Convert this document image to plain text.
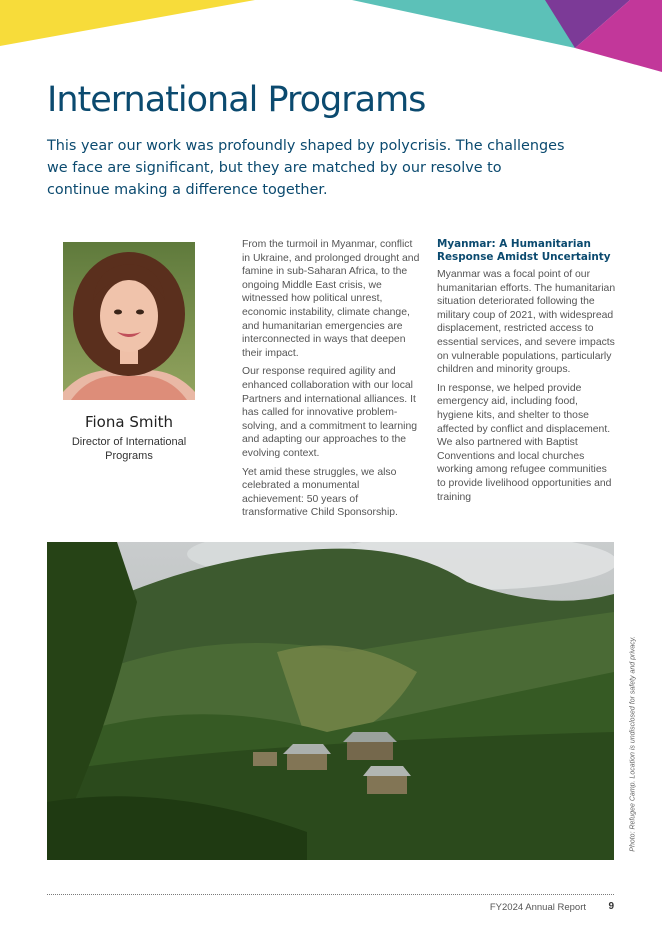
International Programs

This year our work was profoundly shaped by polycrisis. The challenges we face are significant, but they are matched by our resolve to continue making a difference together.

Fiona Smith
Director of International Programs

From the turmoil in Myanmar, conflict in Ukraine, and prolonged drought and famine in sub-Saharan Africa, to the ongoing Middle East crisis, we witnessed how political unrest, economic instability, climate change, and humanitarian emergencies are interconnected in ways that deepen their impact.

Our response required agility and enhanced collaboration with our local Partners and international alliances. It has called for innovative problem-solving, and a commitment to learning and adapting our approaches to the evolving context.

Yet amid these struggles, we also celebrated a monumental achievement: 50 years of transformative Child Sponsorship.

Myanmar: A Humanitarian Response Amidst Uncertainty

Myanmar was a focal point of our humanitarian efforts. The humanitarian situation deteriorated following the military coup of 2021, with widespread displacement, restricted access to essential services, and severe impacts on vulnerable populations, particularly children and minority groups.

In response, we helped provide emergency aid, including food, hygiene kits, and shelter to those affected by conflict and displacement. We also partnered with Baptist Conventions and local churches working among refugee communities to provide livelihood opportunities and training

Photo: Refugee Camp. Location is undisclosed for safety and privacy.
FY2024 Annual Report 9
